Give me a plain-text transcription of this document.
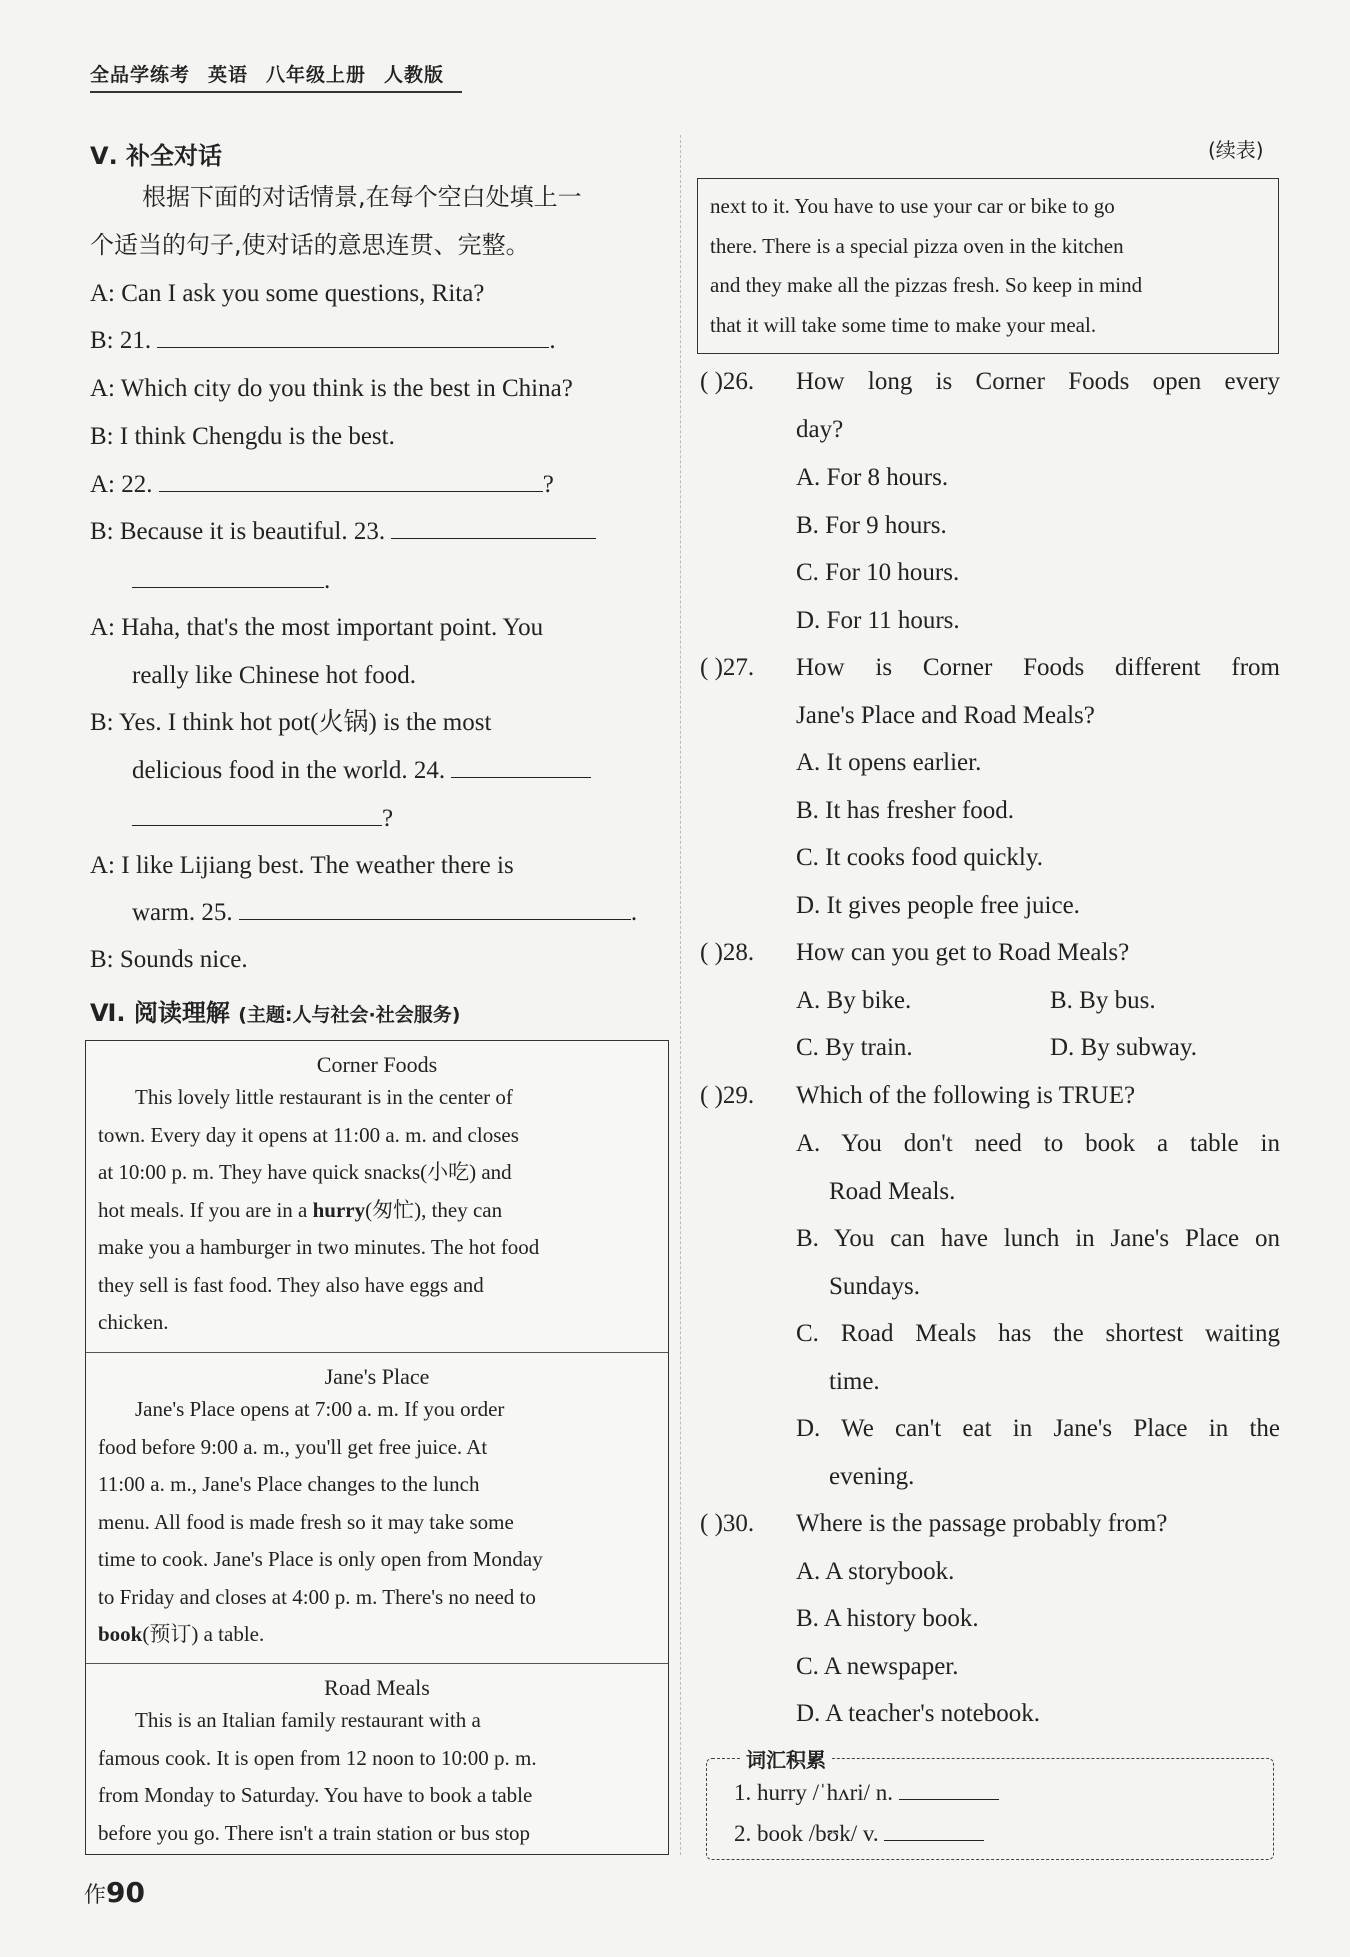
全品学练考 英语 八年级上册 人教版
Ⅴ. 补全对话
根据下面的对话情景,在每个空白处填上一
个适当的句子,使对话的意思连贯、完整。
A: Can I ask you some questions, Rita?
B: 21.	.
A: Which city do you think is the best in China?
B: I think Chengdu is the best.
A: 22.	?
B: Because it is beautiful. 23.
.
A: Haha, that's the most important point. You
really like Chinese hot food.
B: Yes. I think hot pot(火锅) is the most
delicious food in the world. 24.
?
A: I like Lijiang best. The weather there is
warm. 25.	.
B: Sounds nice.
Ⅵ. 阅读理解 (主题:人与社会·社会服务)
Corner Foods
This lovely little restaurant is in the center of
town. Every day it opens at 11:00 a. m. and closes
at 10:00 p. m. They have quick snacks(小吃) and
hot meals. If you are in a hurry(匆忙), they can
make you a hamburger in two minutes. The hot food
they sell is fast food. They also have eggs and
chicken.
Jane's Place
Jane's Place opens at 7:00 a. m. If you order
food before 9:00 a. m., you'll get free juice. At
11:00 a. m., Jane's Place changes to the lunch
menu. All food is made fresh so it may take some
time to cook. Jane's Place is only open from Monday
to Friday and closes at 4:00 p. m. There's no need to
book(预订) a table.
Road Meals
This is an Italian family restaurant with a
famous cook. It is open from 12 noon to 10:00 p. m.
from Monday to Saturday. You have to book a table
before you go. There isn't a train station or bus stop
(续表)

next to it. You have to use your car or bike to go

there. There is a special pizza oven in the kitchen

and they make all the pizzas fresh. So keep in mind

that it will take some time to make your meal.

( )26. How long is Corner Foods open every
day?
A. For 8 hours.
B. For 9 hours.
C. For 10 hours.
D. For 11 hours.
( )27. How is Corner Foods different from
Jane's Place and Road Meals?
A. It opens earlier.
B. It has fresher food.
C. It cooks food quickly.
D. It gives people free juice.
( )28. How can you get to Road Meals?
A. By bike.	B. By bus.
C. By train.	D. By subway.
( )29. Which of the following is TRUE?
A. You don't need to book a table in
Road Meals.
B. You can have lunch in Jane's Place on
Sundays.
C. Road Meals has the shortest waiting
time.
D. We can't eat in Jane's Place in the
evening.
( )30. Where is the passage probably from?
A. A storybook.
B. A history book.
C. A newspaper.
D. A teacher's notebook.
词汇积累
1. hurry /ˈhʌri/ n.
2. book /bʊk/ v.
作90
